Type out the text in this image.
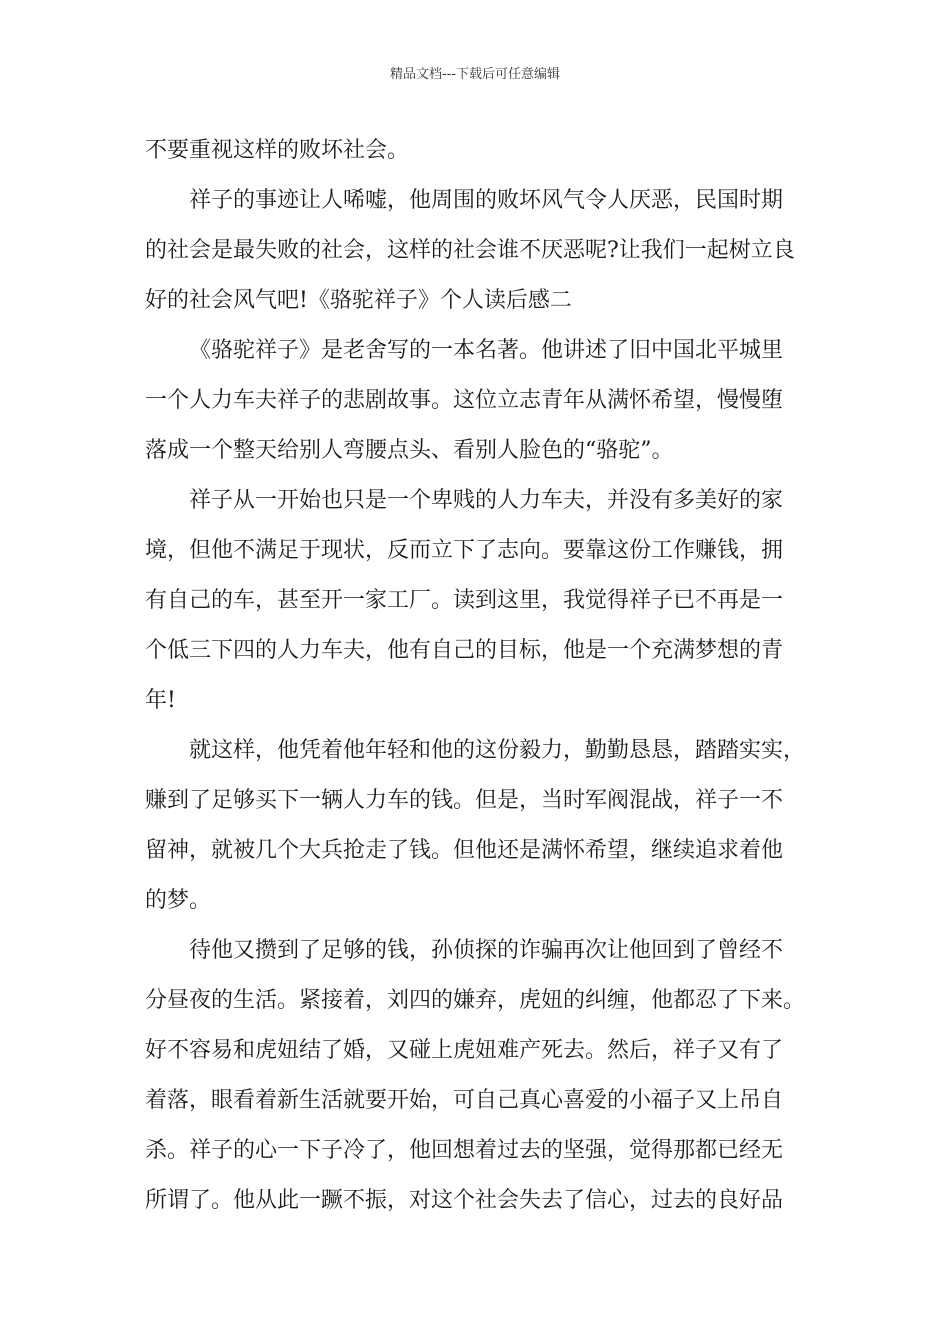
精品文档---下载后可任意编辑
不要重视这样的败坏社会。
祥子的事迹让人唏嘘，他周围的败坏风气令人厌恶，民国时期
的社会是最失败的社会，这样的社会谁不厌恶呢?让我们一起树立良
好的社会风气吧!《骆驼祥子》个人读后感二
《骆驼祥子》是老舍写的一本名著。他讲述了旧中国北平城里
一个人力车夫祥子的悲剧故事。这位立志青年从满怀希望，慢慢堕
落成一个整天给别人弯腰点头、看别人脸色的“骆驼”。
祥子从一开始也只是一个卑贱的人力车夫，并没有多美好的家
境，但他不满足于现状，反而立下了志向。要靠这份工作赚钱，拥
有自己的车，甚至开一家工厂。读到这里，我觉得祥子已不再是一
个低三下四的人力车夫，他有自己的目标，他是一个充满梦想的青
年!
就这样，他凭着他年轻和他的这份毅力，勤勤恳恳，踏踏实实，
赚到了足够买下一辆人力车的钱。但是，当时军阀混战，祥子一不
留神，就被几个大兵抢走了钱。但他还是满怀希望，继续追求着他
的梦。
待他又攒到了足够的钱，孙侦探的诈骗再次让他回到了曾经不
分昼夜的生活。紧接着，刘四的嫌弃，虎妞的纠缠，他都忍了下来。
好不容易和虎妞结了婚，又碰上虎妞难产死去。然后，祥子又有了
着落，眼看着新生活就要开始，可自己真心喜爱的小福子又上吊自
杀。祥子的心一下子冷了，他回想着过去的坚强，觉得那都已经无
所谓了。他从此一蹶不振，对这个社会失去了信心，过去的良好品
